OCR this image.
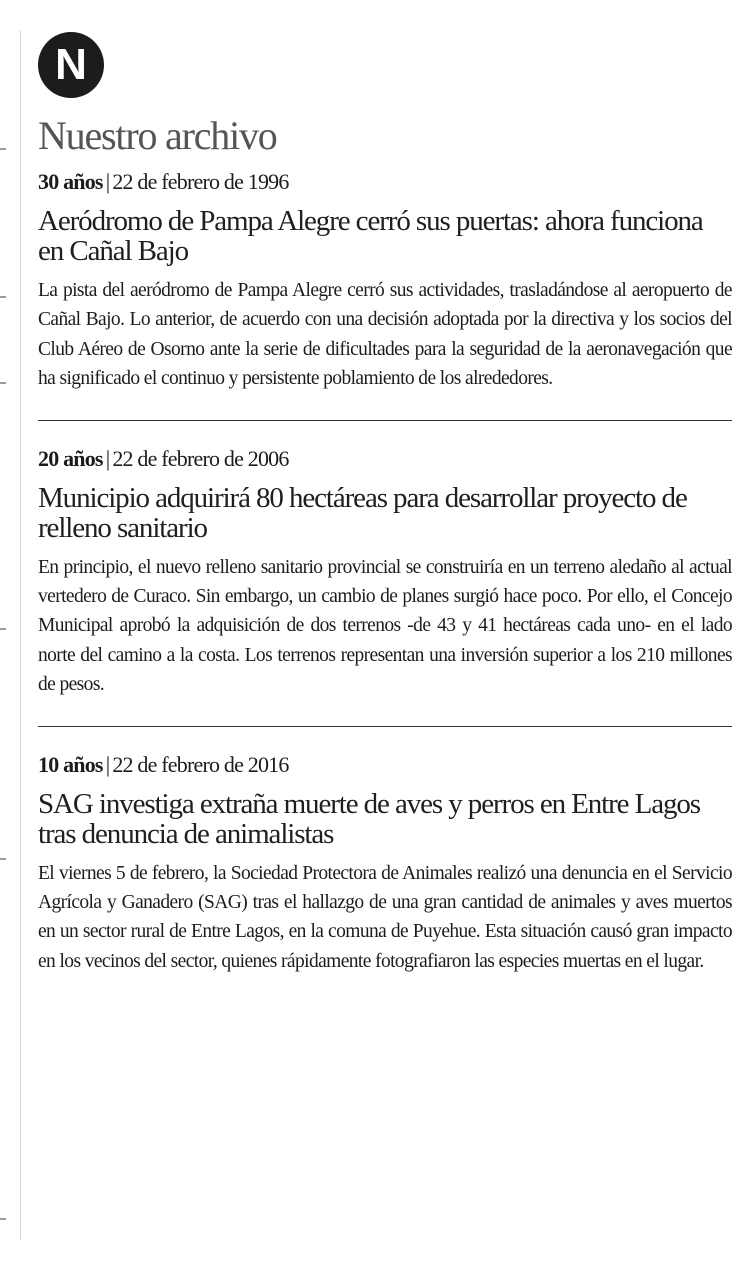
N
Nuestro archivo
30 años | 22 de febrero de 1996
Aeródromo de Pampa Alegre cerró sus puertas: ahora funciona en Cañal Bajo
La pista del aeródromo de Pampa Alegre cerró sus actividades, trasladándose al aeropuerto de Cañal Bajo. Lo anterior, de acuerdo con una decisión adoptada por la directiva y los socios del Club Aéreo de Osorno ante la serie de dificultades para la seguridad de la aeronavegación que ha significado el continuo y persistente poblamiento de los alrededores.
20 años | 22 de febrero de 2006
Municipio adquirirá 80 hectáreas para desarrollar proyecto de relleno sanitario
En principio, el nuevo relleno sanitario provincial se construiría en un terreno aledaño al actual vertedero de Curaco. Sin embargo, un cambio de planes surgió hace poco. Por ello, el Concejo Municipal aprobó la adquisición de dos terrenos -de 43 y 41 hectáreas cada uno- en el lado norte del camino a la costa. Los terrenos representan una inversión superior a los 210 millones de pesos.
10 años | 22 de febrero de 2016
SAG investiga extraña muerte de aves y perros en Entre Lagos tras denuncia de animalistas
El viernes 5 de febrero, la Sociedad Protectora de Animales realizó una denuncia en el Servicio Agrícola y Ganadero (SAG) tras el hallazgo de una gran cantidad de animales y aves muertos en un sector rural de Entre Lagos, en la comuna de Puyehue. Esta situación causó gran impacto en los vecinos del sector, quienes rápidamente fotografiaron las especies muertas en el lugar.
